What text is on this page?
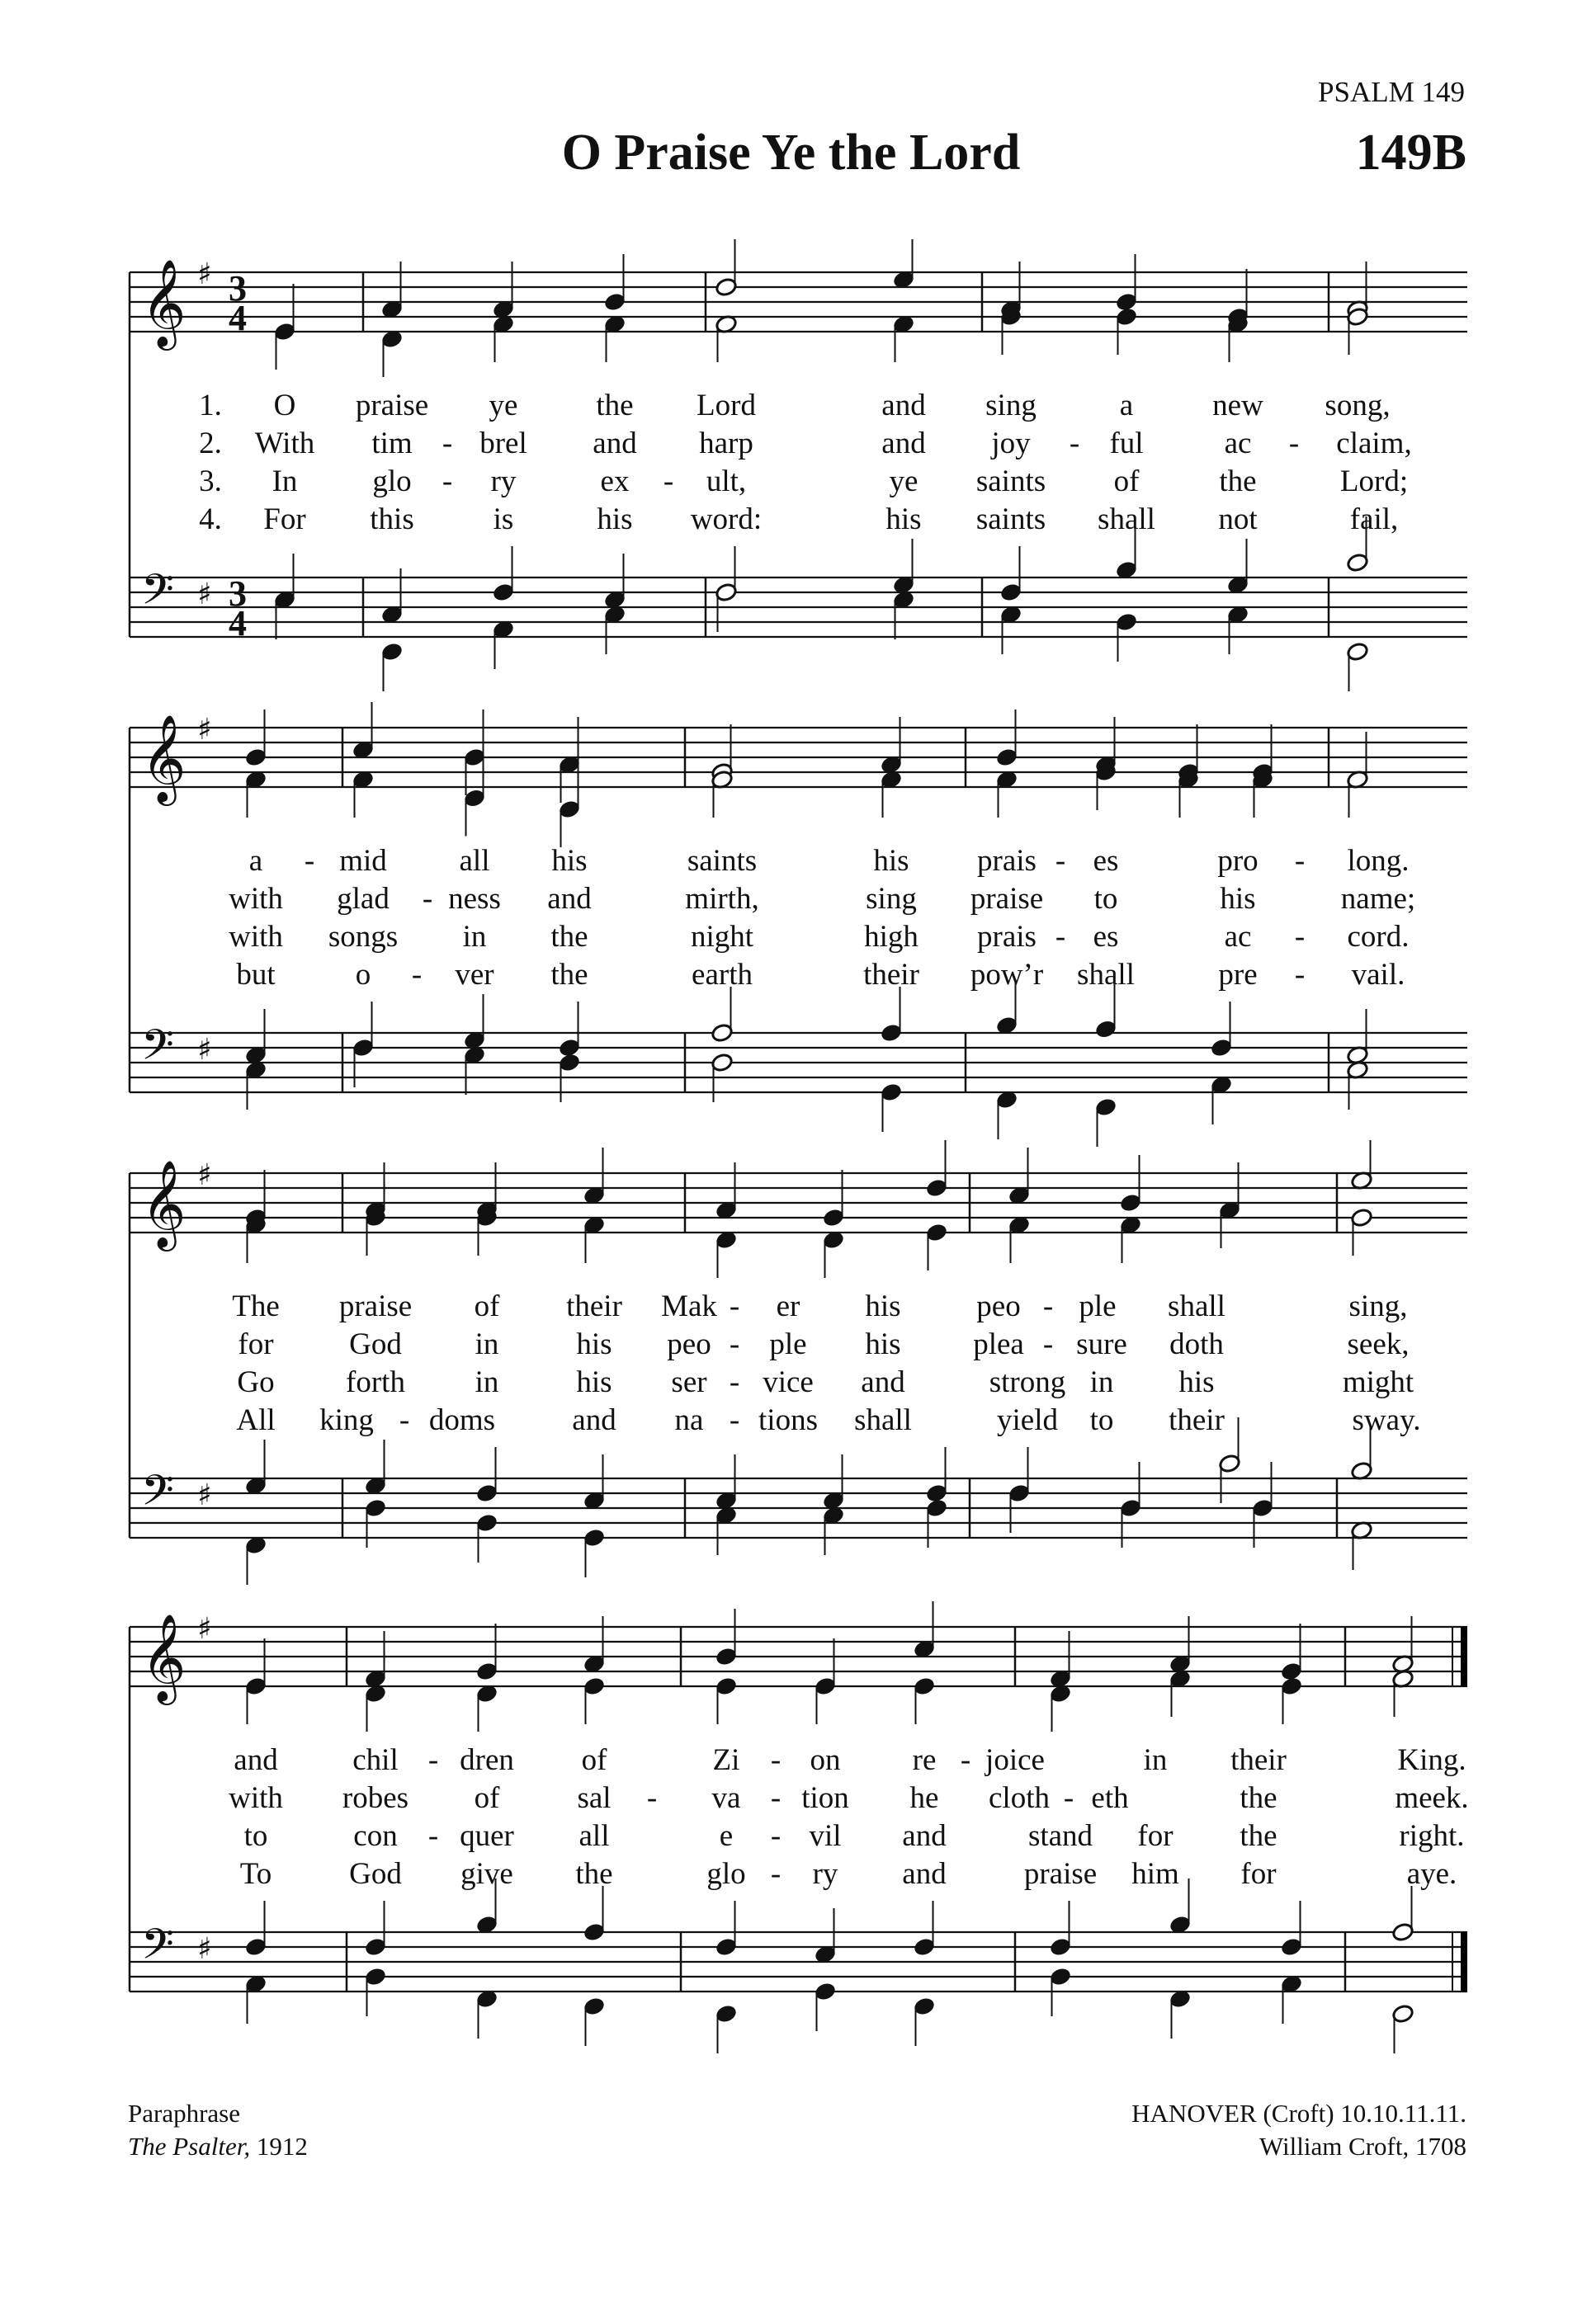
PSALM 149
O Praise Ye the Lord	149B
𝄞 ♯ 3
4
𝄢 ♯ 3
4
1. O praise ye	the Lord	and sing	a	new song,
2. With tim - brel and harp	and joy - ful	ac - claim,
3. In glo - ry	ex - ult,	ye saints of	the	Lord;
4. For this	is	his word:	his saints shall not	fail,
𝄞 ♯
𝄢 ♯
a - mid all his	saints	his prais - es	pro - long.
with glad - ness and	mirth,	sing praise to	his	name;
with songs in the	night	high prais - es	ac - cord.
but	o - ver the	earth	their pow’r shall	pre - vail.
𝄞 ♯
𝄢 ♯
The praise of their Mak - er his peo - ple shall	sing,
for God in	his peo - ple his plea - sure doth	seek,
Go forth in	his ser - vice and	strong in his	might
All king - doms	and na - tions shall	yield to their	sway.
𝄞 ♯
𝄢 ♯
and chil - dren of	Zi - on re - joice	in their	King.
with robes of	sal - va - tion he cloth - eth	the	meek.
to	con - quer all	e - vil and	stand for the	right.
To	God give the	glo - ry and	praise him for	aye.
Paraphrase
The Psalter, 1912
HANOVER (Croft) 10.10.11.11.
William Croft, 1708
